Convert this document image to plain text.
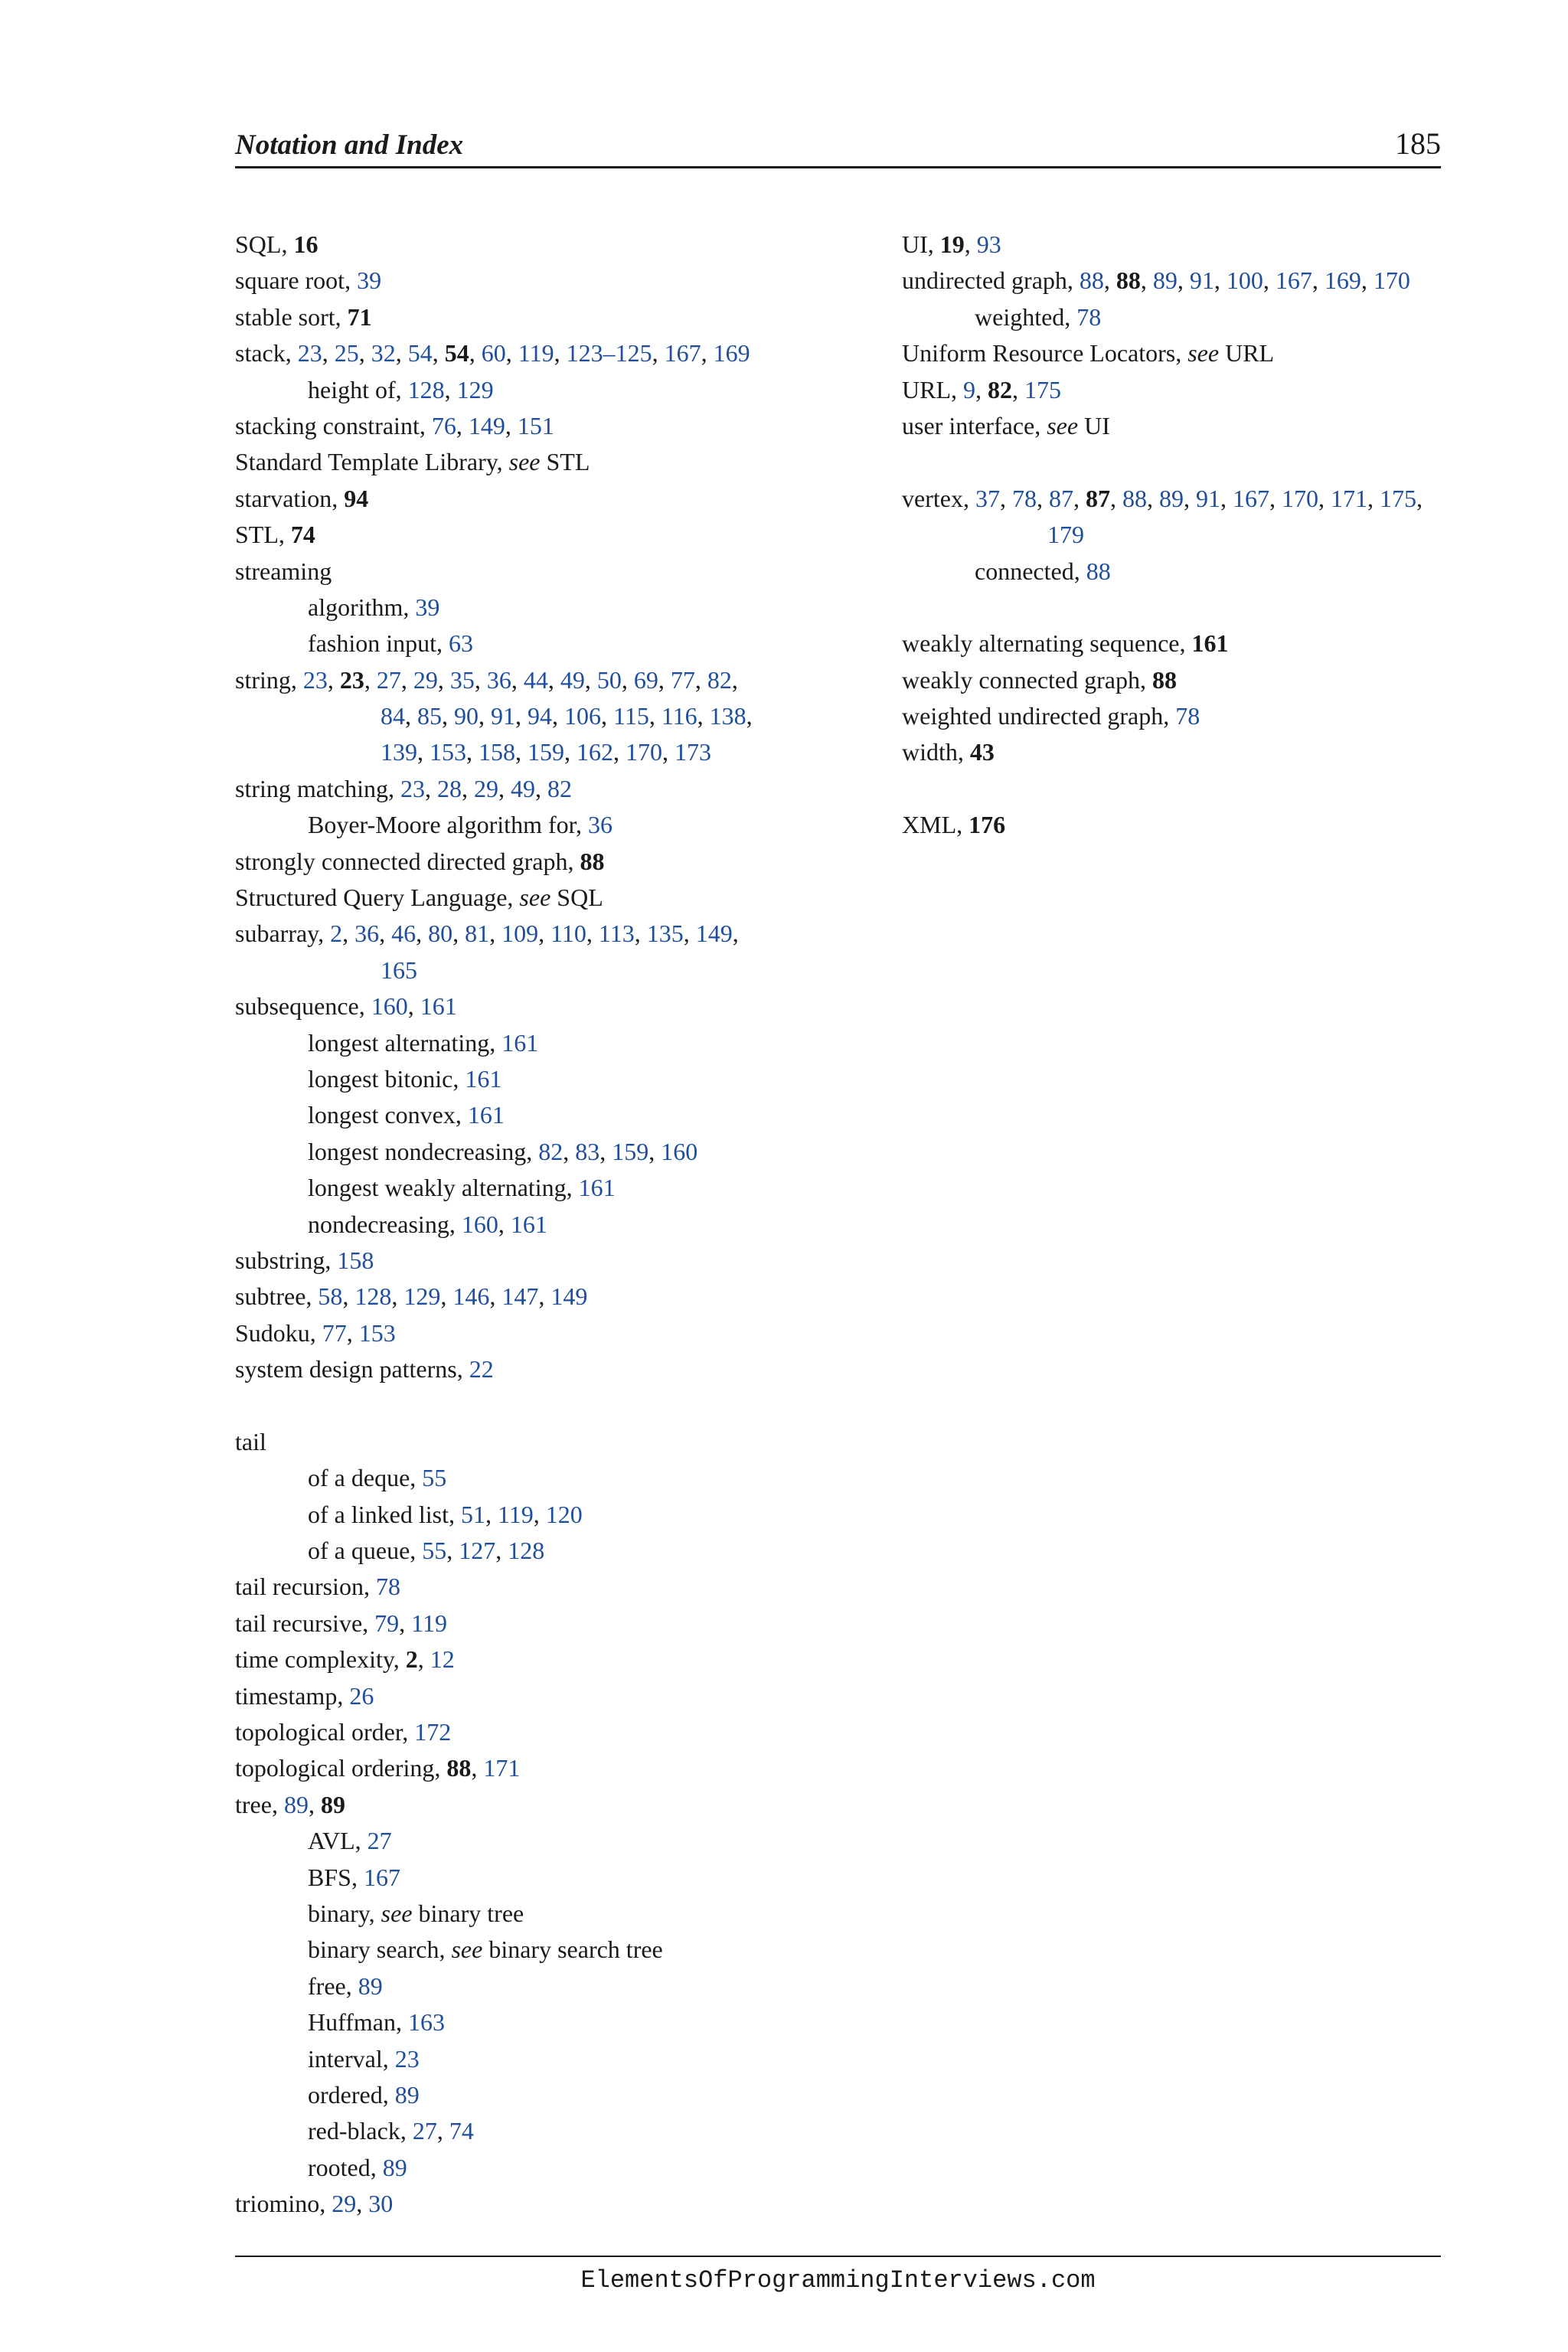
Notation and Index	185
SQL, 16
square root, 39
stable sort, 71
stack, 23, 25, 32, 54, 54, 60, 119, 123–125, 167, 169
height of, 128, 129
stacking constraint, 76, 149, 151
Standard Template Library, see STL
starvation, 94
STL, 74
streaming
algorithm, 39
fashion input, 63
string, 23, 23, 27, 29, 35, 36, 44, 49, 50, 69, 77, 82,
84, 85, 90, 91, 94, 106, 115, 116, 138,
139, 153, 158, 159, 162, 170, 173
string matching, 23, 28, 29, 49, 82
Boyer-Moore algorithm for, 36
strongly connected directed graph, 88
Structured Query Language, see SQL
subarray, 2, 36, 46, 80, 81, 109, 110, 113, 135, 149,
165
subsequence, 160, 161
longest alternating, 161
longest bitonic, 161
longest convex, 161
longest nondecreasing, 82, 83, 159, 160
longest weakly alternating, 161
nondecreasing, 160, 161
substring, 158
subtree, 58, 128, 129, 146, 147, 149
Sudoku, 77, 153
system design patterns, 22
tail
of a deque, 55
of a linked list, 51, 119, 120
of a queue, 55, 127, 128
tail recursion, 78
tail recursive, 79, 119
time complexity, 2, 12
timestamp, 26
topological order, 172
topological ordering, 88, 171
tree, 89, 89
AVL, 27
BFS, 167
binary, see binary tree
binary search, see binary search tree
free, 89
Huffman, 163
interval, 23
ordered, 89
red-black, 27, 74
rooted, 89
triomino, 29, 30
UI, 19, 93
undirected graph, 88, 88, 89, 91, 100, 167, 169, 170
weighted, 78
Uniform Resource Locators, see URL
URL, 9, 82, 175
user interface, see UI
vertex, 37, 78, 87, 87, 88, 89, 91, 167, 170, 171, 175,
179
connected, 88
weakly alternating sequence, 161
weakly connected graph, 88
weighted undirected graph, 78
width, 43
XML, 176
ElementsOfProgrammingInterviews.com
